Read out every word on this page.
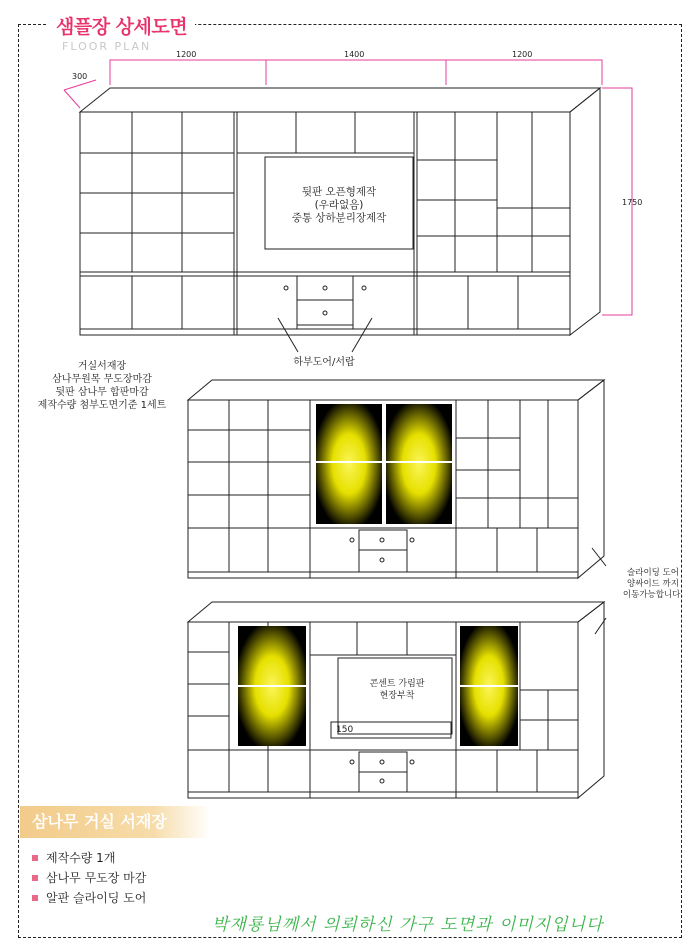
샘플장 상세도면
FLOOR PLAN
300
1200	1400	1200
1750
뒷판 오픈형제작
(우라없음)
중통 상하분리장제작
하부도어/서랍
거실서재장
삼나무원목 무도장마감
뒷판 삼나무 합판마감
제작수량 첨부도면기준 1세트
슬라이딩 도어
양싸이드 까지
이동가능합니다.
콘센트 가림판
현장부착
150
삼나무 거실 서재장
제작수량 1개
삼나무 무도장 마감
알판 슬라이딩 도어
박재룡님께서 의뢰하신 가구 도면과 이미지입니다
